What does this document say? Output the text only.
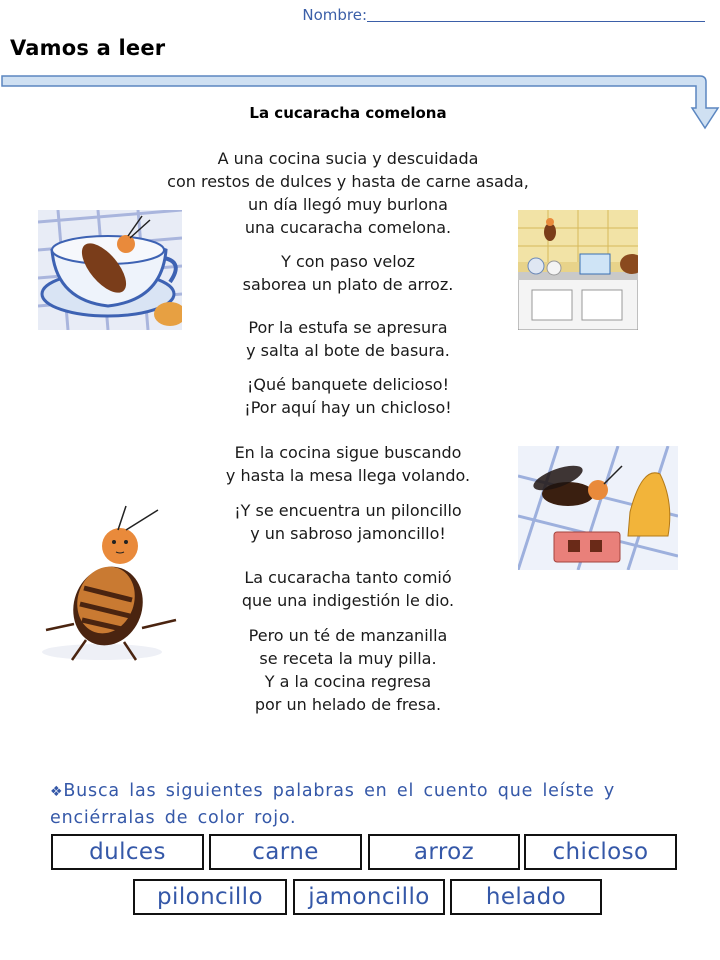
Nombre:
Vamos a leer
La cucaracha comelona
A una cocina sucia y descuidada
con restos de dulces y hasta de carne asada,
un día llegó muy burlona
una cucaracha comelona.
Y con paso veloz
saborea un plato de arroz.
Por la estufa se apresura
y salta al bote de basura.
¡Qué banquete delicioso!
¡Por aquí hay un chicloso!
En la cocina sigue buscando
y hasta la mesa llega volando.
¡Y se encuentra un piloncillo
y un sabroso jamoncillo!
La cucaracha tanto comió
que una indigestión le dio.
Pero un té de manzanilla
se receta la muy pilla.
Y a la cocina regresa
por un helado de fresa.
❖Busca las siguientes palabras en el cuento que leíste y enciérralas de color rojo.
dulces	carne	arroz	chicloso
piloncillo	jamoncillo	helado
